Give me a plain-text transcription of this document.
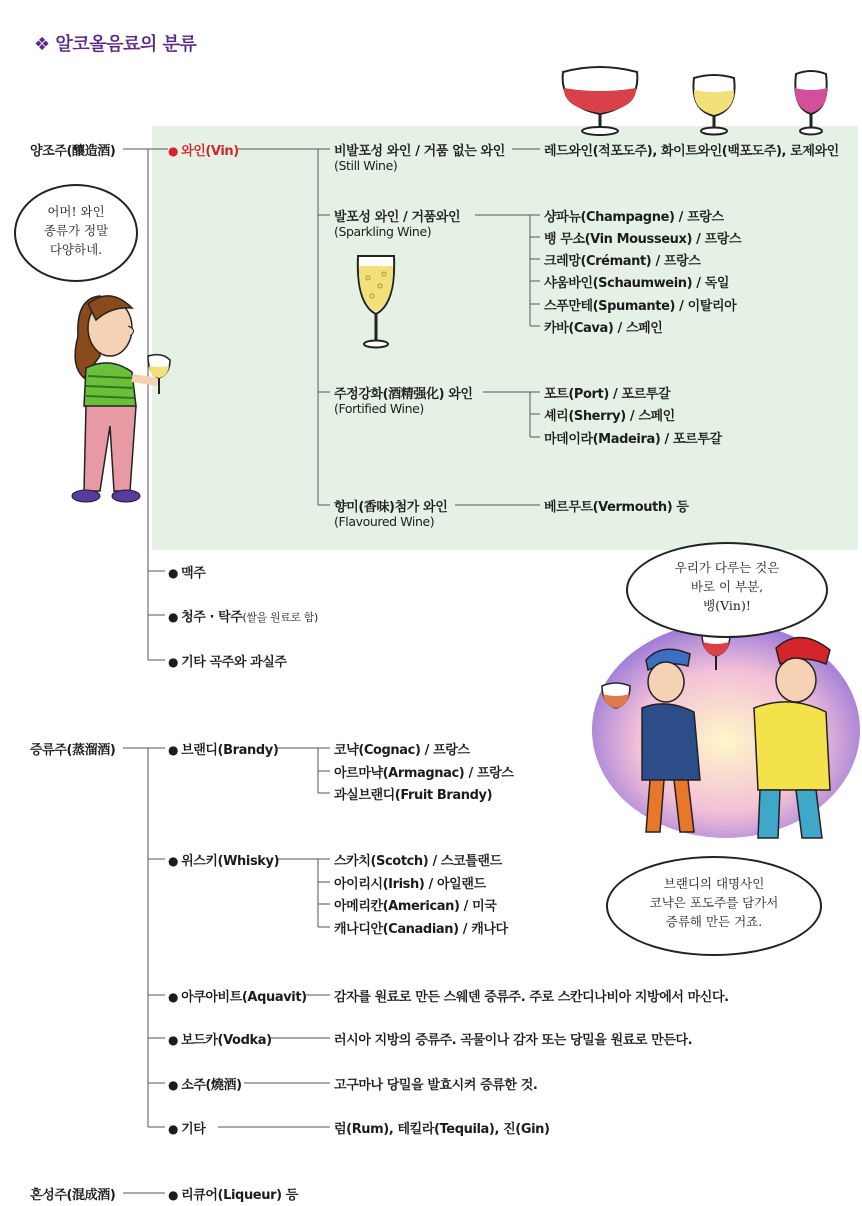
❖ 알코올음료의 분류
어머! 와인
종류가 정말
다양하네.
우리가 다루는 것은
바로 이 부분,
뱅(Vin)!
브랜디의 대명사인
코냑은 포도주를 담가서
증류해 만든 거죠.
양조주(釀造酒)
증류주(蒸溜酒)
혼성주(混成酒)
● 와인(Vin)	비발포성 와인 / 거품 없는 와인
(Still Wine)
레드와인(적포도주), 화이트와인(백포도주), 로제와인
발포성 와인 / 거품와인
(Sparkling Wine)
샹파뉴(Champagne) / 프랑스
뱅 무소(Vin Mousseux) / 프랑스
크레망(Crémant) / 프랑스
샤움바인(Schaumwein) / 독일
스푸만테(Spumante) / 이탈리아
카바(Cava) / 스페인
주정강화(酒精强化) 와인
(Fortified Wine)
포트(Port) / 포르투갈
셰리(Sherry) / 스페인
마데이라(Madeira) / 포르투갈
향미(香味)첨가 와인
(Flavoured Wine)
베르무트(Vermouth) 등
● 맥주
● 청주 · 탁주(쌀을 원료로 함)
● 기타 곡주와 과실주
● 브랜디(Brandy)	코냑(Cognac) / 프랑스
아르마냑(Armagnac) / 프랑스
과실브랜디(Fruit Brandy)
● 위스키(Whisky)	스카치(Scotch) / 스코틀랜드
아이리시(Irish) / 아일랜드
아메리칸(American) / 미국
캐나디안(Canadian) / 캐나다
● 아쿠아비트(Aquavit) 감자를 원료로 만든 스웨덴 증류주. 주로 스칸디나비아 지방에서 마신다.
● 보드카(Vodka)	러시아 지방의 증류주. 곡물이나 감자 또는 당밀을 원료로 만든다.
● 소주(燒酒)	고구마나 당밀을 발효시켜 증류한 것.
● 기타	럼(Rum), 테킬라(Tequila), 진(Gin)
● 리큐어(Liqueur) 등
